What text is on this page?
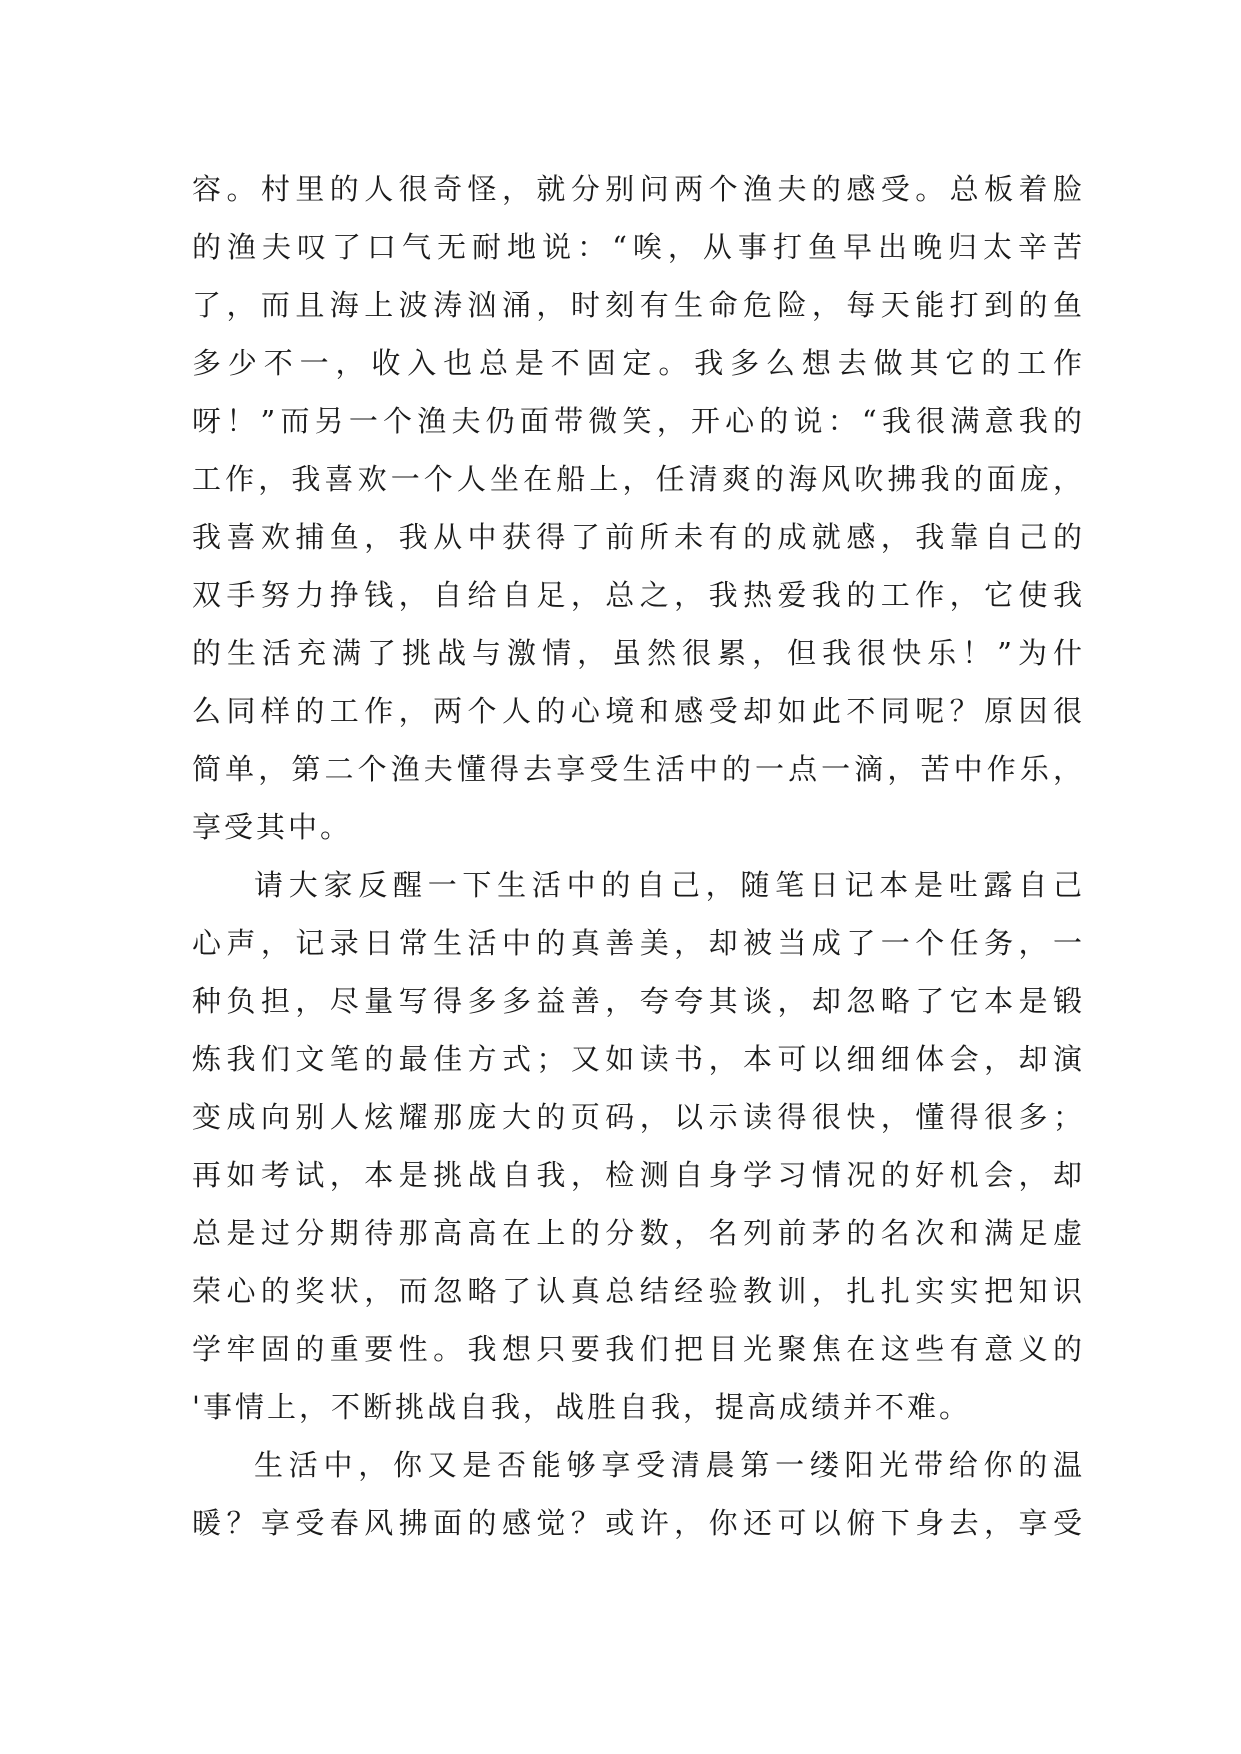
容。村里的人很奇怪，就分别问两个渔夫的感受。总板着脸
的渔夫叹了口气无耐地说：“唉，从事打鱼早出晚归太辛苦
了，而且海上波涛汹涌，时刻有生命危险，每天能打到的鱼
多少不一，收入也总是不固定。我多么想去做其它的工作
呀！”而另一个渔夫仍面带微笑，开心的说：“我很满意我的
工作，我喜欢一个人坐在船上，任清爽的海风吹拂我的面庞，
我喜欢捕鱼，我从中获得了前所未有的成就感，我靠自己的
双手努力挣钱，自给自足，总之，我热爱我的工作，它使我
的生活充满了挑战与激情，虽然很累，但我很快乐！”为什
么同样的工作，两个人的心境和感受却如此不同呢？原因很
简单，第二个渔夫懂得去享受生活中的一点一滴，苦中作乐，
享受其中。
请大家反醒一下生活中的自己，随笔日记本是吐露自己
心声，记录日常生活中的真善美，却被当成了一个任务，一
种负担，尽量写得多多益善，夸夸其谈，却忽略了它本是锻
炼我们文笔的最佳方式；又如读书，本可以细细体会，却演
变成向别人炫耀那庞大的页码，以示读得很快，懂得很多；
再如考试，本是挑战自我，检测自身学习情况的好机会，却
总是过分期待那高高在上的分数，名列前茅的名次和满足虚
荣心的奖状，而忽略了认真总结经验教训，扎扎实实把知识
学牢固的重要性。我想只要我们把目光聚焦在这些有意义的
'事情上，不断挑战自我，战胜自我，提高成绩并不难。
生活中，你又是否能够享受清晨第一缕阳光带给你的温
暖？享受春风拂面的感觉？或许，你还可以俯下身去，享受
